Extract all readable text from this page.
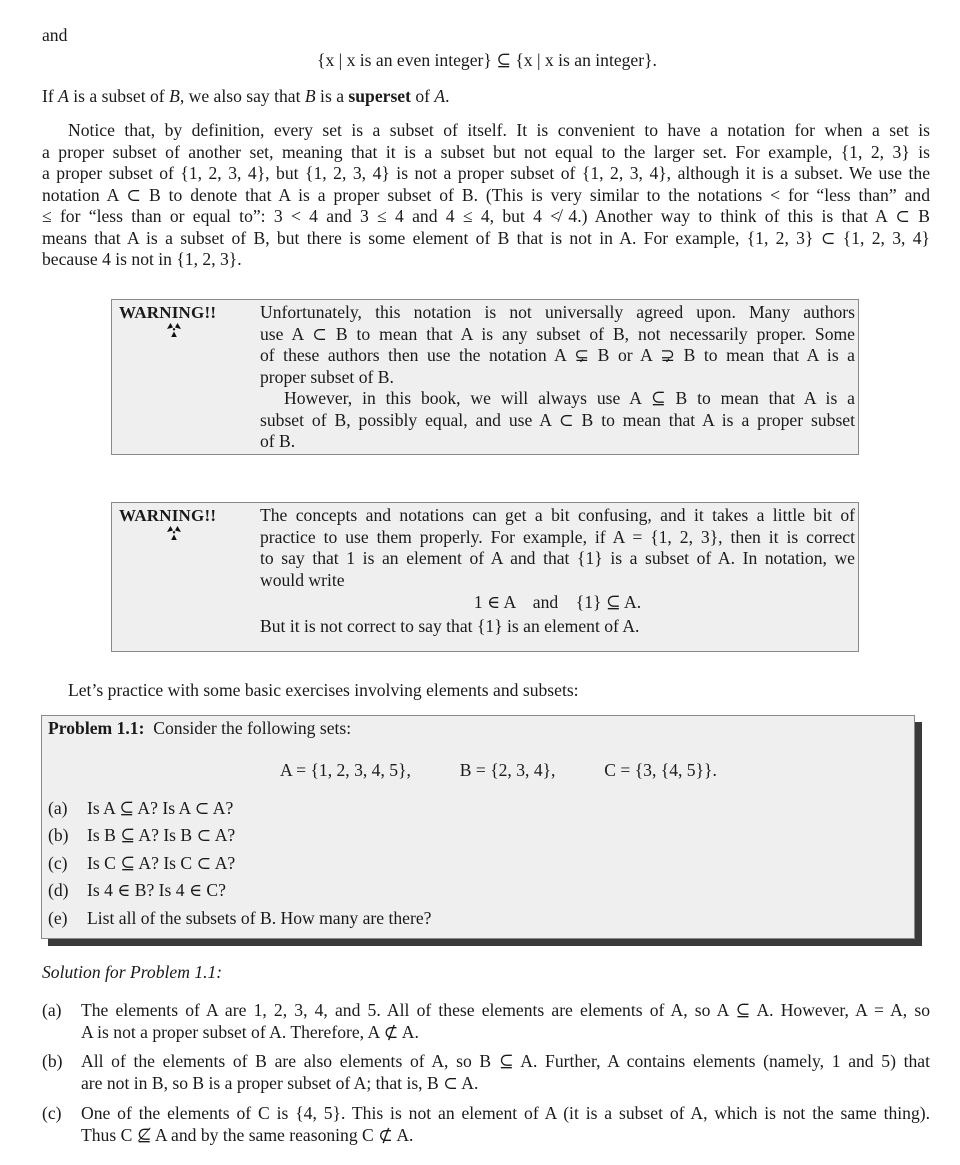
and
{x | x is an even integer} ⊆ {x | x is an integer}.
If A is a subset of B, we also say that B is a superset of A.
Notice that, by definition, every set is a subset of itself. It is convenient to have a notation for when a set is
a proper subset of another set, meaning that it is a subset but not equal to the larger set. For example, {1, 2, 3} is
a proper subset of {1, 2, 3, 4}, but {1, 2, 3, 4} is not a proper subset of {1, 2, 3, 4}, although it is a subset. We use the
notation A ⊂ B to denote that A is a proper subset of B. (This is very similar to the notations < for “less than” and
≤ for “less than or equal to”: 3 < 4 and 3 ≤ 4 and 4 ≤ 4, but 4 ≮ 4.) Another way to think of this is that A ⊂ B
means that A is a subset of B, but there is some element of B that is not in A. For example, {1, 2, 3} ⊂ {1, 2, 3, 4}
because 4 is not in {1, 2, 3}.
WARNING!! Unfortunately, this notation is not universally agreed upon. Many authors
use A ⊂ B to mean that A is any subset of B, not necessarily proper. Some
of these authors then use the notation A ⊊ B or A ⊋ B to mean that A is a
proper subset of B.
However, in this book, we will always use A ⊆ B to mean that A is a
subset of B, possibly equal, and use A ⊂ B to mean that A is a proper subset
of B.
WARNING!! The concepts and notations can get a bit confusing, and it takes a little bit of
practice to use them properly. For example, if A = {1, 2, 3}, then it is correct
to say that 1 is an element of A and that {1} is a subset of A. In notation, we
would write
1 ∈ A    and    {1} ⊆ A.
But it is not correct to say that {1} is an element of A.
Let’s practice with some basic exercises involving elements and subsets:
Problem 1.1: Consider the following sets:
A = {1, 2, 3, 4, 5},	B = {2, 3, 4},	C = {3, {4, 5}}.
(a) Is A ⊆ A? Is A ⊂ A?
(b) Is B ⊆ A? Is B ⊂ A?
(c) Is C ⊆ A? Is C ⊂ A?
(d) Is 4 ∈ B? Is 4 ∈ C?
(e) List all of the subsets of B. How many are there?
Solution for Problem 1.1:
(a) The elements of A are 1, 2, 3, 4, and 5. All of these elements are elements of A, so A ⊆ A. However, A = A, so
A is not a proper subset of A. Therefore, A ⊄ A.
(b) All of the elements of B are also elements of A, so B ⊆ A. Further, A contains elements (namely, 1 and 5) that
are not in B, so B is a proper subset of A; that is, B ⊂ A.
(c) One of the elements of C is {4, 5}. This is not an element of A (it is a subset of A, which is not the same thing).
Thus C ⊈ A and by the same reasoning C ⊄ A.
